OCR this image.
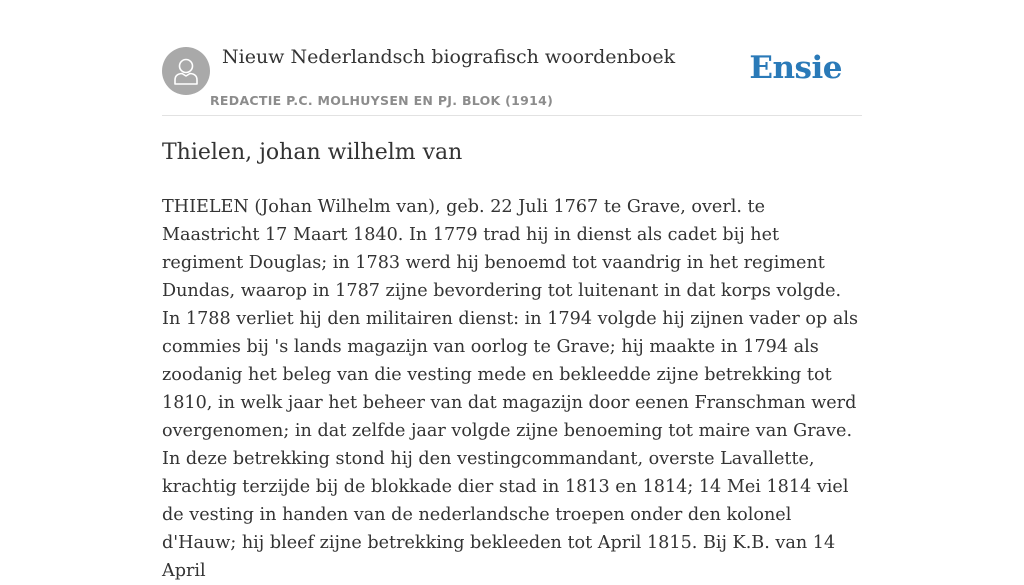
Nieuw Nederlandsch biografisch woordenboek
REDACTIE P.C. MOLHUYSEN EN PJ. BLOK (1914)
Ensie
Thielen, johan wilhelm van

THIELEN (Johan Wilhelm van), geb. 22 Juli 1767 te Grave, overl. te Maastricht 17 Maart 1840. In 1779 trad hij in dienst als cadet bij het regiment Douglas; in 1783 werd hij benoemd tot vaandrig in het regiment Dundas, waarop in 1787 zijne bevordering tot luitenant in dat korps volgde. In 1788 verliet hij den militairen dienst: in 1794 volgde hij zijnen vader op als commies bij 's lands magazijn van oorlog te Grave; hij maakte in 1794 als zoodanig het beleg van die vesting mede en bekleedde zijne betrekking tot 1810, in welk jaar het beheer van dat magazijn door eenen Franschman werd overgenomen; in dat zelfde jaar volgde zijne benoeming tot maire van Grave. In deze betrekking stond hij den vestingcommandant, overste Lavallette, krachtig terzijde bij de blokkade dier stad in 1813 en 1814; 14 Mei 1814 viel de vesting in handen van de nederlandsche troepen onder den kolonel d'Hauw; hij bleef zijne betrekking bekleeden tot April 1815. Bij K.B. van 14 April
